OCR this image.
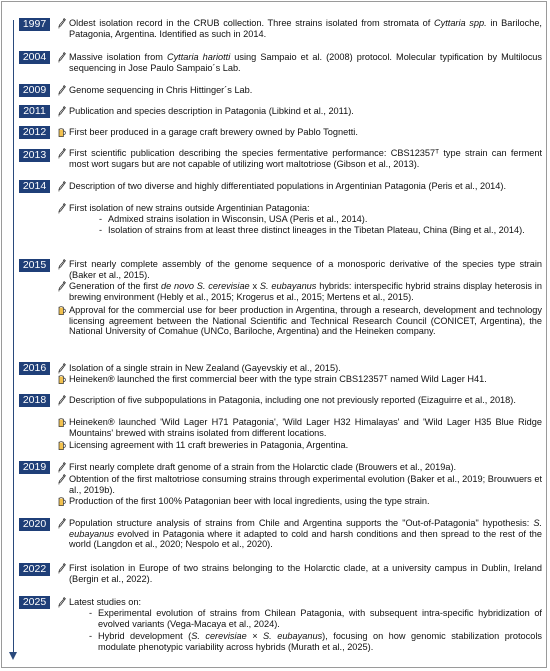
1997	Oldest isolation record in the CRUB collection. Three strains isolated from stromata of Cyttaria spp. in Bariloche, Patagonia, Argentina. Identified as such in 2014.
2004	Massive isolation from Cyttaria hariotti using Sampaio et al. (2008) protocol. Molecular typification by Multilocus sequencing in Jose Paulo Sampaio´s Lab.
2009	Genome sequencing in Chris Hittinger´s Lab.
2011	Publication and species description in Patagonia (Libkind et al., 2011).
2012	First beer produced in a garage craft brewery owned by Pablo Tognetti.
2013	First scientific publication describing the species fermentative performance: CBS12357ᵀ type strain can ferment most wort sugars but are not capable of utilizing wort maltotriose (Gibson et al., 2013).
2014	Description of two diverse and highly differentiated populations in Argentinian Patagonia (Peris et al., 2014).
First isolation of new strains outside Argentinian Patagonia:
- Admixed strains isolation in Wisconsin, USA (Peris et al., 2014).
- Isolation of strains from at least three distinct lineages in the Tibetan Plateau, China (Bing et al., 2014).
2015	First nearly complete assembly of the genome sequence of a monosporic derivative of the species type strain (Baker et al., 2015).
Generation of the first de novo S. cerevisiae x S. eubayanus hybrids: interspecific hybrid strains display heterosis in brewing environment (Hebly et al., 2015; Krogerus et al., 2015; Mertens et al., 2015).
Approval for the commercial use for beer production in Argentina, through a research, development and technology licensing agreement between the National Scientific and Technical Research Council (CONICET, Argentina), the National University of Comahue (UNCo, Bariloche, Argentina) and the Heineken company.
2016	Isolation of a single strain in New Zealand (Gayevskiy et al., 2015).
Heineken® launched the first commercial beer with the type strain CBS12357ᵀ named Wild Lager H41.
2018	Description of five subpopulations in Patagonia, including one not previously reported (Eizaguirre et al., 2018).
Heineken® launched 'Wild Lager H71 Patagonia', 'Wild Lager H32 Himalayas' and 'Wild Lager H35 Blue Ridge Mountains' brewed with strains isolated from different locations.
Licensing agreement with 11 craft breweries in Patagonia, Argentina.
2019	First nearly complete draft genome of a strain from the Holarctic clade (Brouwers et al., 2019a).
Obtention of the first maltotriose consuming strains through experimental evolution (Baker et al., 2019; Brouwuers et al., 2019b).
Production of the first 100% Patagonian beer with local ingredients, using the type strain.
2020	Population structure analysis of strains from Chile and Argentina supports the "Out-of-Patagonia" hypothesis: S. eubayanus evolved in Patagonia where it adapted to cold and harsh conditions and then spread to the rest of the world (Langdon et al., 2020; Nespolo et al., 2020).
2022	First isolation in Europe of two strains belonging to the Holarctic clade, at a university campus in Dublin, Ireland (Bergin et al., 2022).
2025	Latest studies on:
- Experimental evolution of strains from Chilean Patagonia, with subsequent intra-specific hybridization of evolved variants (Vega-Macaya et al., 2024).
- Hybrid development (S. cerevisiae × S. eubayanus), focusing on how genomic stabilization protocols modulate phenotypic variability across hybrids (Murath et al., 2025).
